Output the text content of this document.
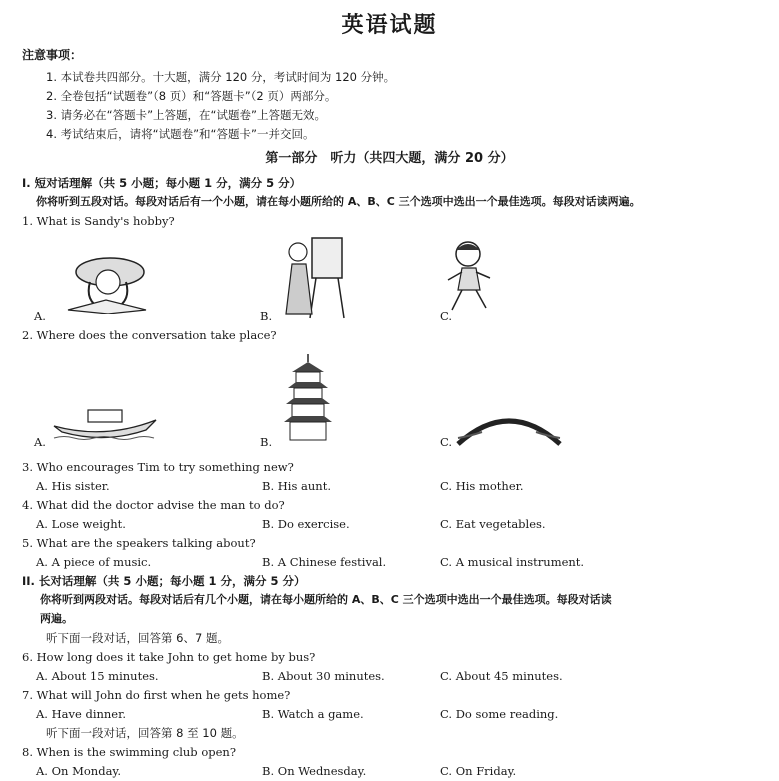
英语试题
注意事项：
1. 本试卷共四部分。十大题，满分 120 分，考试时间为 120 分钟。
2. 全卷包括“试题卷”（8 页）和“答题卡”（2 页）两部分。
3. 请务必在“答题卡”上答题，在“试题卷”上答题无效。
4. 考试结束后，请将“试题卷”和“答题卡”一并交回。
第一部分　听力（共四大题，满分 20 分）
I. 短对话理解（共 5 小题；每小题 1 分，满分 5 分）
你将听到五段对话。每段对话后有一个小题，请在每小题所给的 A、B、C 三个选项中选出一个最佳选项。每段对话读两遍。
1. What is Sandy's hobby?
A.	B.	C.
2. Where does the conversation take place?
A.	B.	C.
3. Who encourages Tim to try something new?
A. His sister.	B. His aunt.	C. His mother.
4. What did the doctor advise the man to do?
A. Lose weight.	B. Do exercise.	C. Eat vegetables.
5. What are the speakers talking about?
A. A piece of music.	B. A Chinese festival.	C. A musical instrument.
II. 长对话理解（共 5 小题；每小题 1 分，满分 5 分）
你将听到两段对话。每段对话后有几个小题，请在每小题所给的 A、B、C 三个选项中选出一个最佳选项。每段对话读
两遍。
听下面一段对话，回答第 6、7 题。
6. How long does it take John to get home by bus?
A. About 15 minutes.	B. About 30 minutes.	C. About 45 minutes.
7. What will John do first when he gets home?
A. Have dinner.	B. Watch a game.	C. Do some reading.
听下面一段对话，回答第 8 至 10 题。
8. When is the swimming club open?
A. On Monday.	B. On Wednesday.	C. On Friday.
